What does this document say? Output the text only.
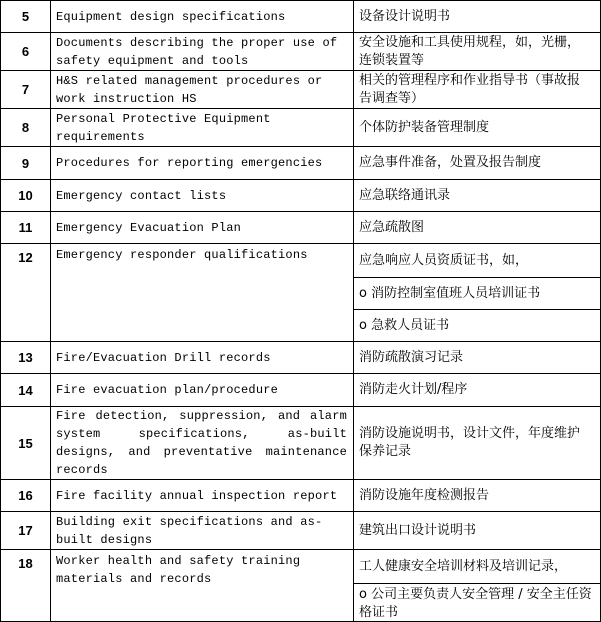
5	Equipment design specifications	设备设计说明书
6	Documents describing the proper use of safety equipment and tools	安全设施和工具使用规程，如，光栅，连锁装置等
7	H&S related management procedures or work instruction HS	相关的管理程序和作业指导书（事故报告调查等）
8	Personal Protective Equipment requirements	个体防护装备管理制度
9	Procedures for reporting emergencies	应急事件准备，处置及报告制度
10	Emergency contact lists	应急联络通讯录
11	Emergency Evacuation Plan	应急疏散图
12	Emergency responder qualifications	应急响应人员资质证书，如，
o 消防控制室值班人员培训证书
o 急救人员证书

13	Fire/Evacuation Drill records	消防疏散演习记录
14	Fire evacuation plan/procedure	消防走火计划/程序
15	Fire detection, suppression, and alarm system specifications, as-built designs, and preventative maintenance records	消防设施说明书，设计文件，年度维护保养记录
16	Fire facility annual inspection report	消防设施年度检测报告
17	Building exit specifications and as-built designs	建筑出口设计说明书
18	Worker health and safety training materials and records	工人健康安全培训材料及培训记录，
o 公司主要负责人安全管理 / 安全主任资格证书
